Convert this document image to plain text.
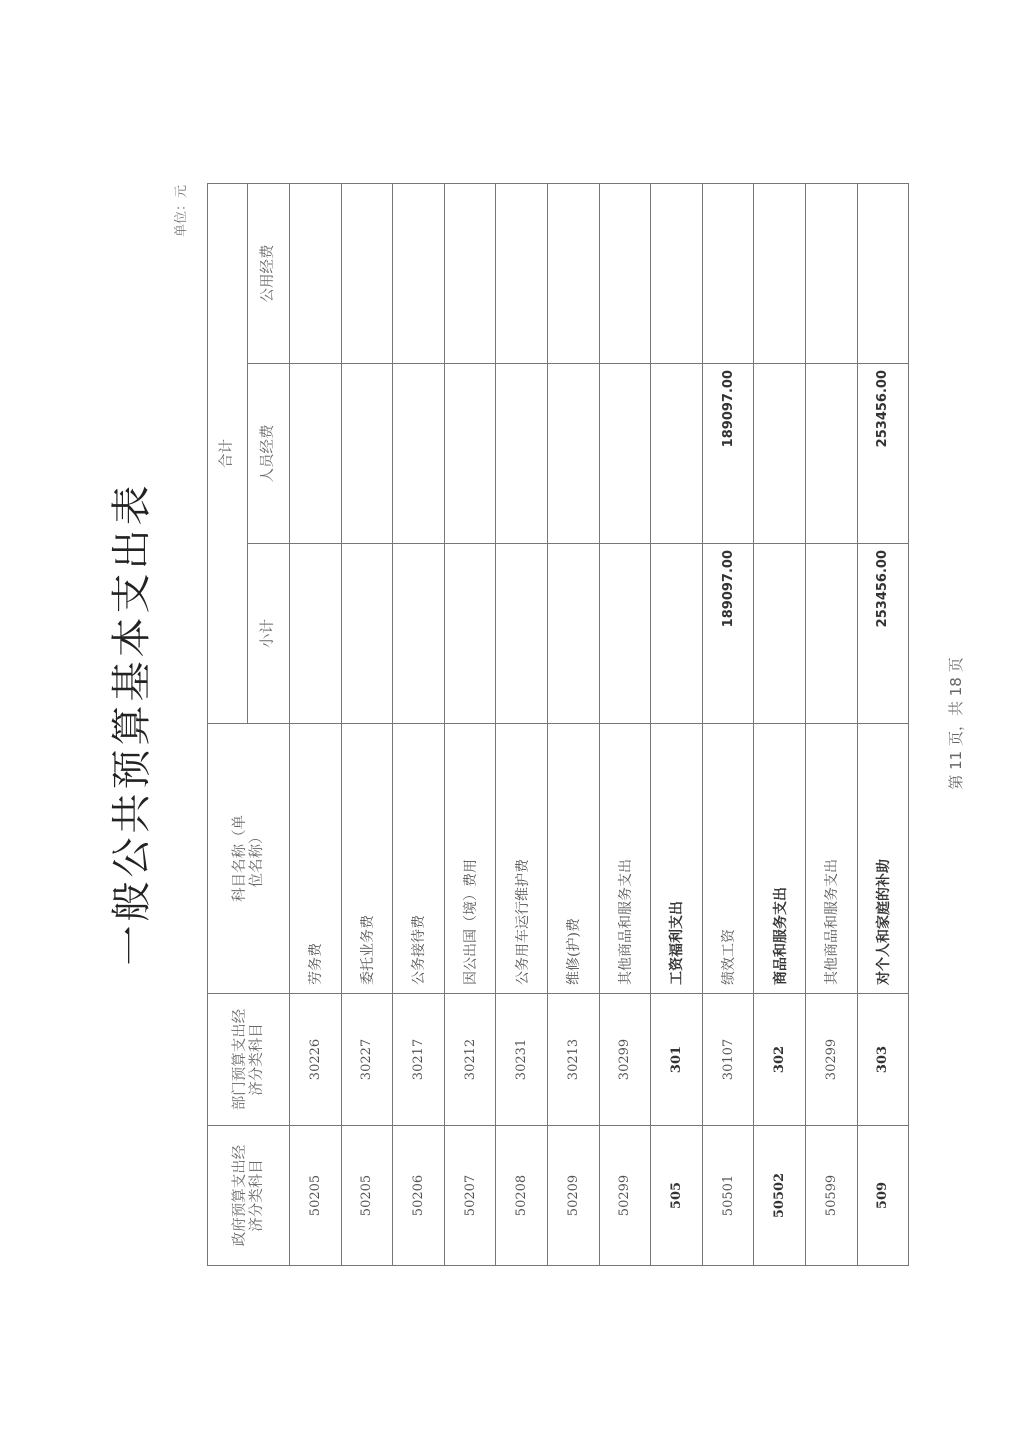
一般公共预算基本支出表
单位：元
政府预算支出经济分类科目	部门预算支出经济分类科目	科目名称（单位名称）	合计		
			小计	人员经费	公用经费
50205	30226	劳务费			
50205	30227	委托业务费			
50206	30217	公务接待费			
50207	30212	因公出国（境）费用			
50208	30231	公务用车运行维护费			
50209	30213	维修(护)费			
50299	30299	其他商品和服务支出			
505	301	工资福利支出			
50501	30107	绩效工资	189097.00	189097.00	
50502	302	商品和服务支出			
50599	30299	其他商品和服务支出			
509	303	对个人和家庭的补助	253456.00	253456.00	
第 11 页，共 18 页
